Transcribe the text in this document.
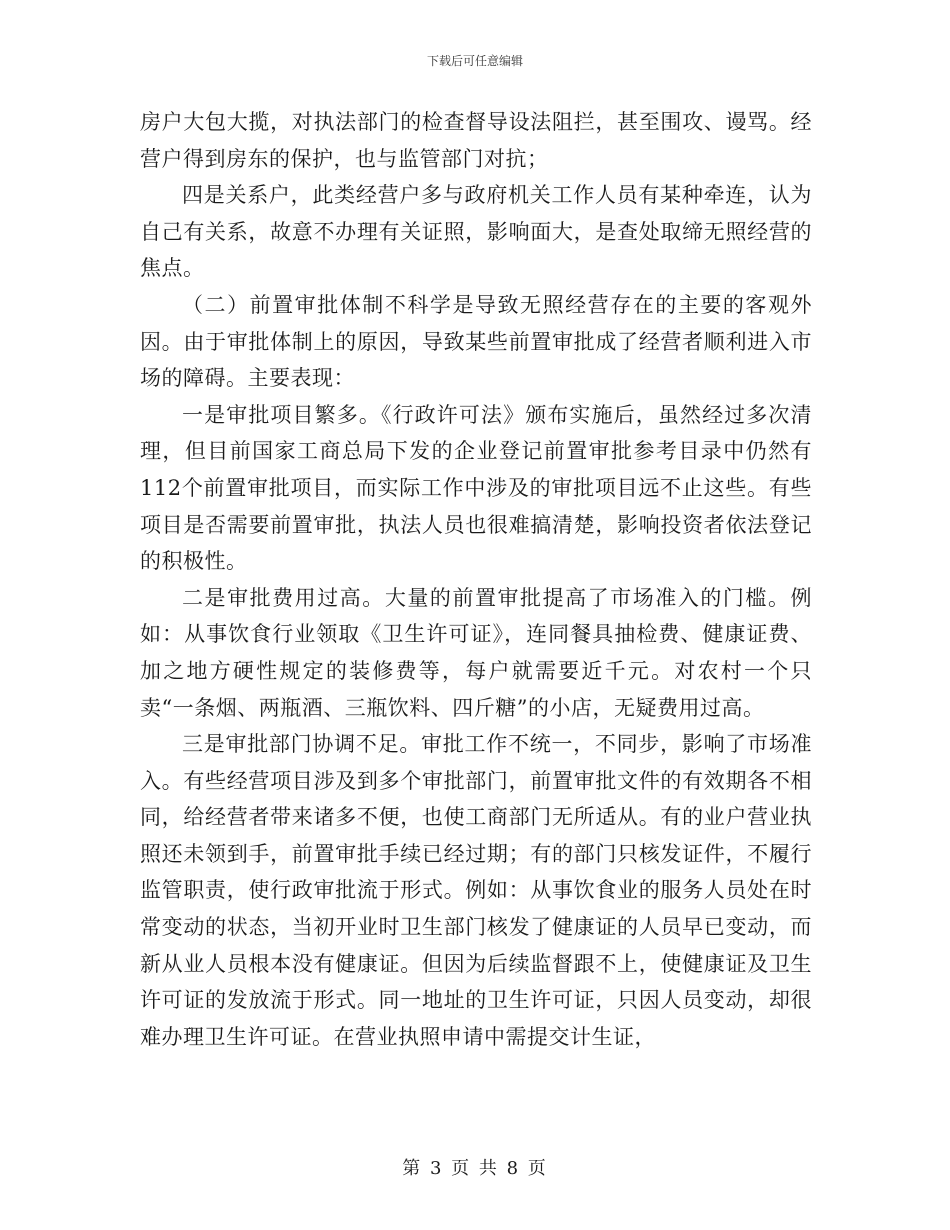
下载后可任意编辑

房户大包大揽，对执法部门的检查督导设法阻拦，甚至围攻、谩骂。经营户得到房东的保护，也与监管部门对抗；

四是关系户，此类经营户多与政府机关工作人员有某种牵连，认为自己有关系，故意不办理有关证照，影响面大，是查处取缔无照经营的焦点。

（二）前置审批体制不科学是导致无照经营存在的主要的客观外因。由于审批体制上的原因，导致某些前置审批成了经营者顺利进入市场的障碍。主要表现：

一是审批项目繁多。《行政许可法》颁布实施后，虽然经过多次清理，但目前国家工商总局下发的企业登记前置审批参考目录中仍然有112个前置审批项目，而实际工作中涉及的审批项目远不止这些。有些项目是否需要前置审批，执法人员也很难搞清楚，影响投资者依法登记的积极性。

二是审批费用过高。大量的前置审批提高了市场准入的门槛。例如：从事饮食行业领取《卫生许可证》，连同餐具抽检费、健康证费、加之地方硬性规定的装修费等，每户就需要近千元。对农村一个只卖“一条烟、两瓶酒、三瓶饮料、四斤糖”的小店，无疑费用过高。

三是审批部门协调不足。审批工作不统一，不同步，影响了市场准入。有些经营项目涉及到多个审批部门，前置审批文件的有效期各不相同，给经营者带来诸多不便，也使工商部门无所适从。有的业户营业执照还未领到手，前置审批手续已经过期；有的部门只核发证件，不履行监管职责，使行政审批流于形式。例如：从事饮食业的服务人员处在时常变动的状态，当初开业时卫生部门核发了健康证的人员早已变动，而新从业人员根本没有健康证。但因为后续监督跟不上，使健康证及卫生许可证的发放流于形式。同一地址的卫生许可证，只因人员变动，却很难办理卫生许可证。在营业执照申请中需提交计生证，

第 3 页 共 8 页
